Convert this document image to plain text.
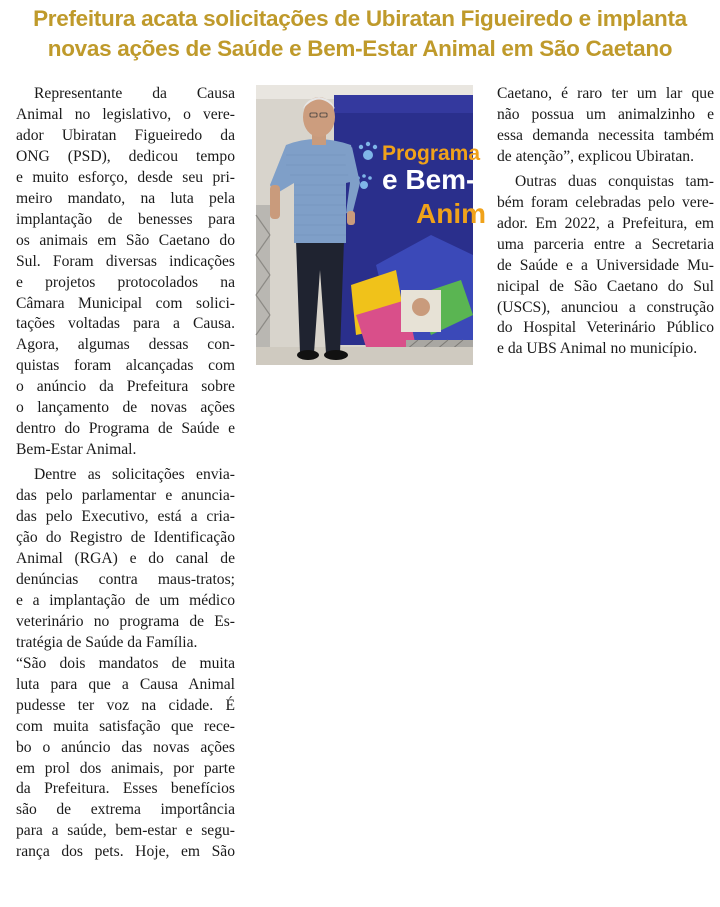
Prefeitura acata solicitações de Ubiratan Figueiredo e implanta
novas ações de Saúde e Bem-Estar Animal em São Caetano

Representante da Causa
Animal no legislativo, o vere-
ador Ubiratan Figueiredo da
ONG (PSD), dedicou tempo
e muito esforço, desde seu pri-
meiro mandato, na luta pela
implantação de benesses para
os animais em São Caetano do
Sul. Foram diversas indicações
e projetos protocolados na
Câmara Municipal com solici-
tações voltadas para a Causa.
Agora, algumas dessas con-
quistas foram alcançadas com
o anúncio da Prefeitura sobre
o lançamento de novas ações
dentro do Programa de Saúde e
Bem-Estar Animal.

Dentre as solicitações envia-
das pelo parlamentar e anuncia-
das pelo Executivo, está a cria-
ção do Registro de Identificação
Animal (RGA) e do canal de
denúncias contra maus-tratos;
e a implantação de um médico
veterinário no programa de Es-
tratégia de Saúde da Família.
“São dois mandatos de muita
luta para que a Causa Animal
pudesse ter voz na cidade. É
com muita satisfação que rece-
bo o anúncio das novas ações
em prol dos animais, por parte
da Prefeitura. Esses benefícios
são de extrema importância
para a saúde, bem-estar e segu-
rança dos pets. Hoje, em São

Programa
e Bem-
Anim

Caetano, é raro ter um lar que
não possua um animalzinho e
essa demanda necessita também
de atenção”, explicou Ubiratan.

Outras duas conquistas tam-
bém foram celebradas pelo vere-
ador. Em 2022, a Prefeitura, em
uma parceria entre a Secretaria
de Saúde e a Universidade Mu-
nicipal de São Caetano do Sul
(USCS), anunciou a construção
do Hospital Veterinário Público
e da UBS Animal no município.
